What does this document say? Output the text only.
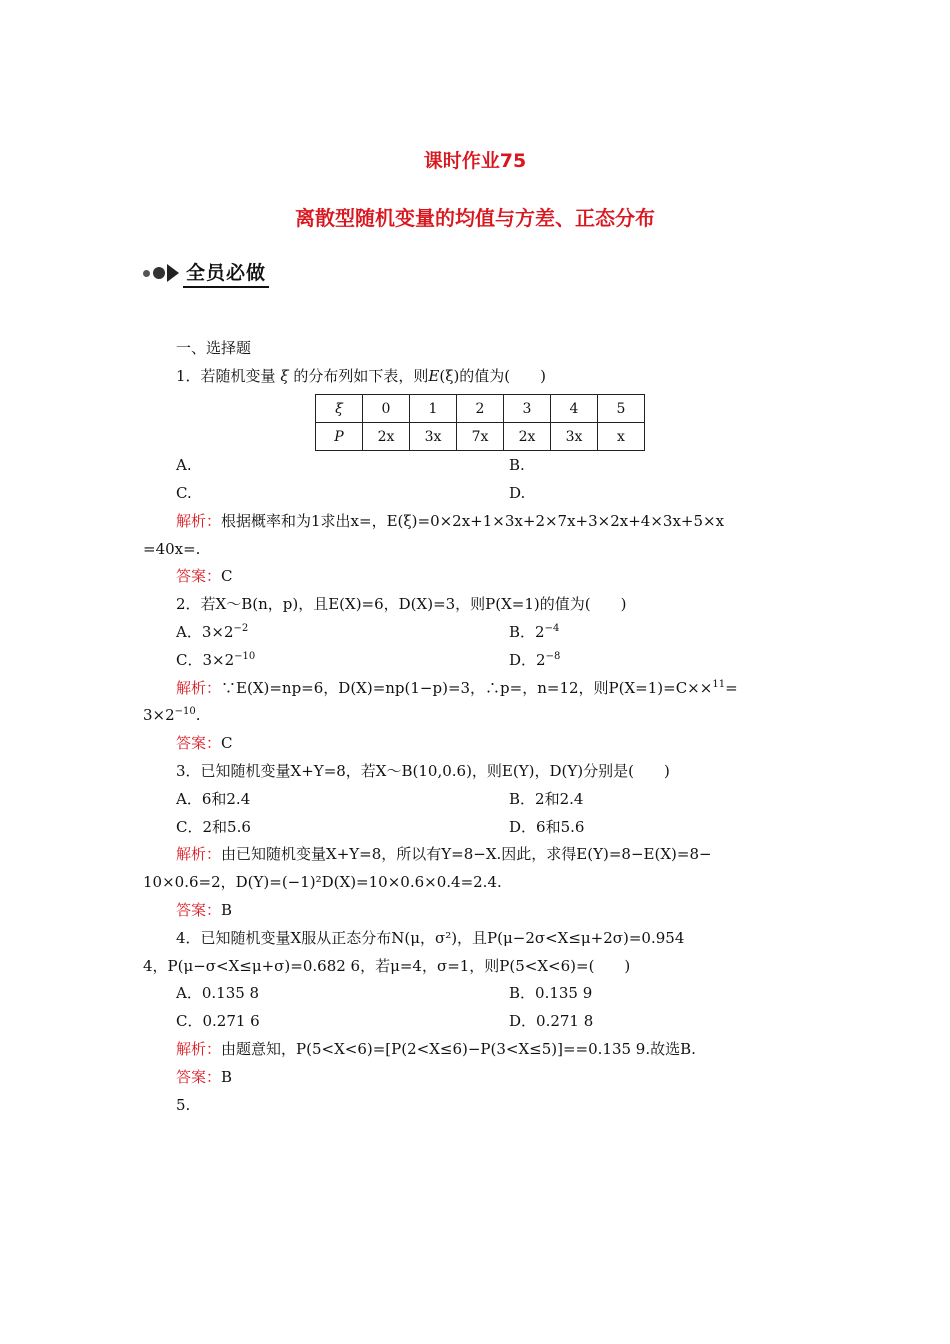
课时作业75
离散型随机变量的均值与方差、正态分布
全员必做
一、选择题
1．若随机变量 ξ 的分布列如下表，则E(ξ)的值为(　　)
ξ	0	1	2	3	4	5
P	2x	3x	7x	2x	3x	x
A.	B.
C.	D.
解析：根据概率和为1求出x=，E(ξ)=0×2x+1×3x+2×7x+3×2x+4×3x+5×x
=40x=.
答案：C
2．若X～B(n，p)，且E(X)=6，D(X)=3，则P(X=1)的值为(　　)
A．$3\times 2^{-2}$	B．$2^{-4}$
C．$3\times 2^{-10}$	D．$2^{-8}$
解析：∵E(X)=np=6，D(X)=np(1−p)=3，∴p=，n=12，则P(X=1)=C××$^{11}$=
$3\times 2^{-10}$.
答案：C
3．已知随机变量X+Y=8，若X～B(10,0.6)，则E(Y)，D(Y)分别是(　　)
A．6和2.4	B．2和2.4
C．2和5.6	D．6和5.6
解析：由已知随机变量X+Y=8，所以有Y=8−X.因此，求得E(Y)=8−E(X)=8−
10×0.6=2，D(Y)=(−1)²D(X)=10×0.6×0.4=2.4.
答案：B
4．已知随机变量X服从正态分布N(μ，σ²)，且P(μ−2σ<X≤μ+2σ)=0.954
4，P(μ−σ<X≤μ+σ)=0.682 6，若μ=4，σ=1，则P(5<X<6)=(　　)
A．0.135 8	B．0.135 9
C．0.271 6	D．0.271 8
解析：由题意知，P(5<X<6)=[P(2<X≤6)−P(3<X≤5)]==0.135 9.故选B.
答案：B
5.
